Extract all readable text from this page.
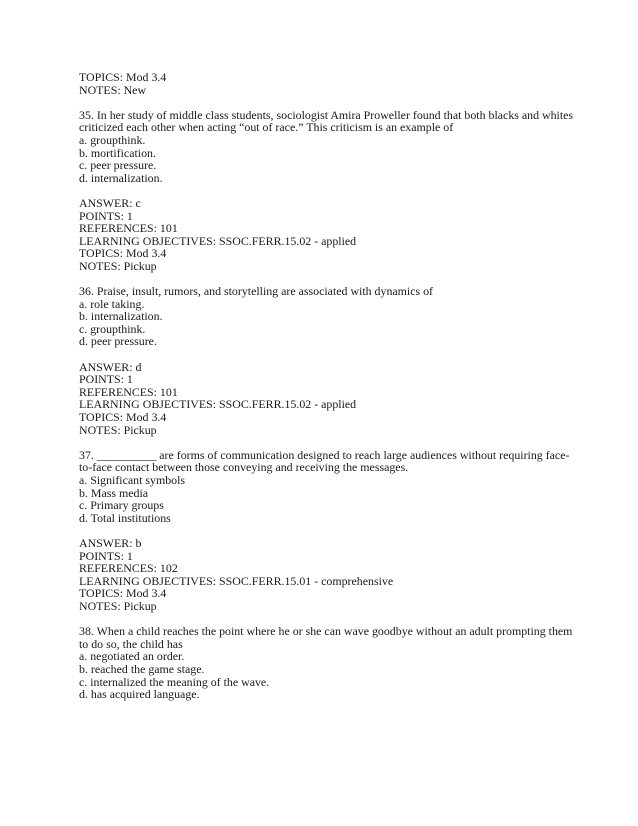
TOPICS: Mod 3.4
NOTES: New
35. In her study of middle class students, sociologist Amira Proweller found that both blacks and whites
criticized each other when acting “out of race.” This criticism is an example of
a. groupthink.
b. mortification.
c. peer pressure.
d. internalization.
ANSWER: c
POINTS: 1
REFERENCES: 101
LEARNING OBJECTIVES: SSOC.FERR.15.02 - applied
TOPICS: Mod 3.4
NOTES: Pickup
36. Praise, insult, rumors, and storytelling are associated with dynamics of
a. role taking.
b. internalization.
c. groupthink.
d. peer pressure.
ANSWER: d
POINTS: 1
REFERENCES: 101
LEARNING OBJECTIVES: SSOC.FERR.15.02 - applied
TOPICS: Mod 3.4
NOTES: Pickup
37. __________ are forms of communication designed to reach large audiences without requiring face-
to-face contact between those conveying and receiving the messages.
a. Significant symbols
b. Mass media
c. Primary groups
d. Total institutions
ANSWER: b
POINTS: 1
REFERENCES: 102
LEARNING OBJECTIVES: SSOC.FERR.15.01 - comprehensive
TOPICS: Mod 3.4
NOTES: Pickup
38. When a child reaches the point where he or she can wave goodbye without an adult prompting them
to do so, the child has
a. negotiated an order.
b. reached the game stage.
c. internalized the meaning of the wave.
d. has acquired language.
